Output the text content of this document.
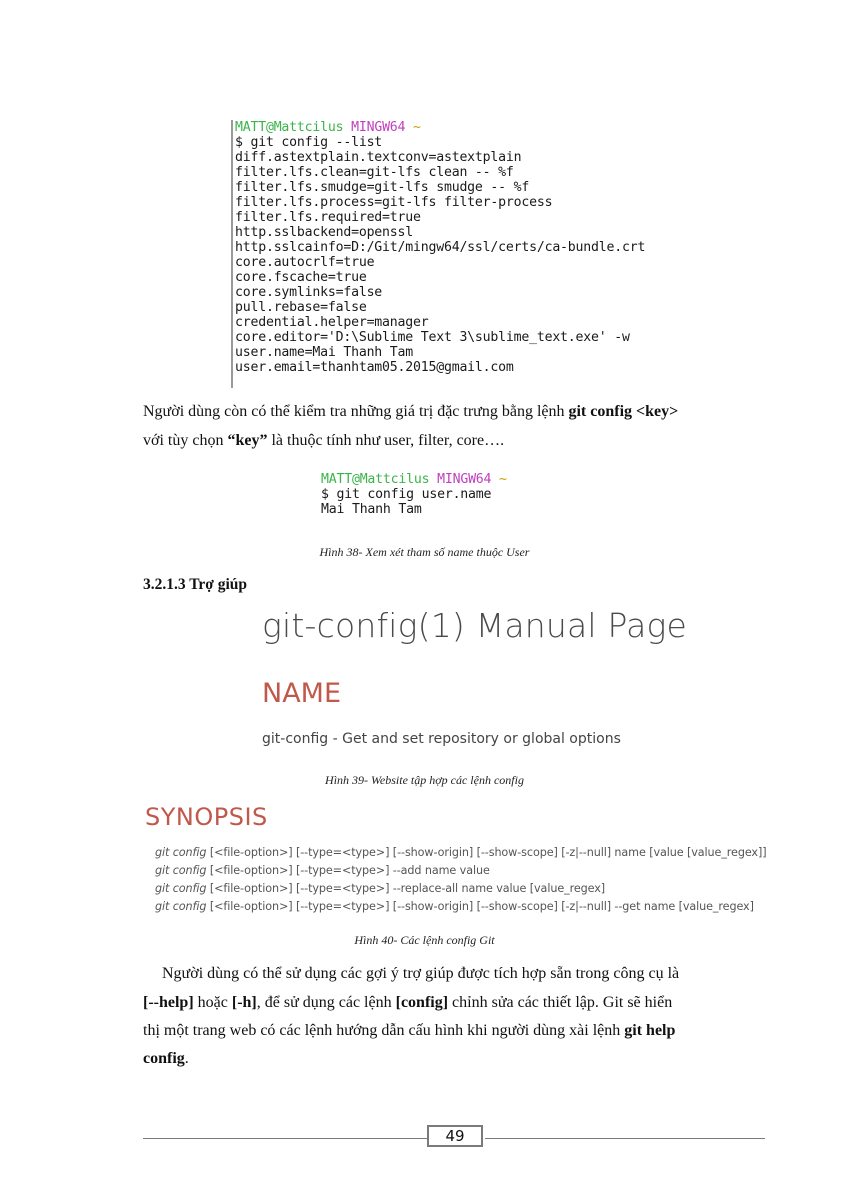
MATT@Mattcilus MINGW64 ~
$ git config --list
diff.astextplain.textconv=astextplain
filter.lfs.clean=git-lfs clean -- %f
filter.lfs.smudge=git-lfs smudge -- %f
filter.lfs.process=git-lfs filter-process
filter.lfs.required=true
http.sslbackend=openssl
http.sslcainfo=D:/Git/mingw64/ssl/certs/ca-bundle.crt
core.autocrlf=true
core.fscache=true
core.symlinks=false
pull.rebase=false
credential.helper=manager
core.editor='D:\Sublime Text 3\sublime_text.exe' -w
user.name=Mai Thanh Tam
user.email=thanhtam05.2015@gmail.com
Người dùng còn có thể kiểm tra những giá trị đặc trưng bằng lệnh git config <key>
với tùy chọn “key” là thuộc tính như user, filter, core….
MATT@Mattcilus MINGW64 ~
$ git config user.name
Mai Thanh Tam
Hình 38- Xem xét tham số name thuộc User
3.2.1.3 Trợ giúp
git-config(1) Manual Page
NAME
git-config - Get and set repository or global options
Hình 39- Website tập hợp các lệnh config
SYNOPSIS
git config [<file-option>] [--type=<type>] [--show-origin] [--show-scope] [-z|--null] name [value [value_regex]]
git config [<file-option>] [--type=<type>] --add name value
git config [<file-option>] [--type=<type>] --replace-all name value [value_regex]
git config [<file-option>] [--type=<type>] [--show-origin] [--show-scope] [-z|--null] --get name [value_regex]
Hình 40- Các lệnh config Git
Người dùng có thể sử dụng các gợi ý trợ giúp được tích hợp sẵn trong công cụ là
[--help] hoặc [-h], để sử dụng các lệnh [config] chỉnh sửa các thiết lập. Git sẽ hiển
thị một trang web có các lệnh hướng dẫn cấu hình khi người dùng xài lệnh git help
config.
49
